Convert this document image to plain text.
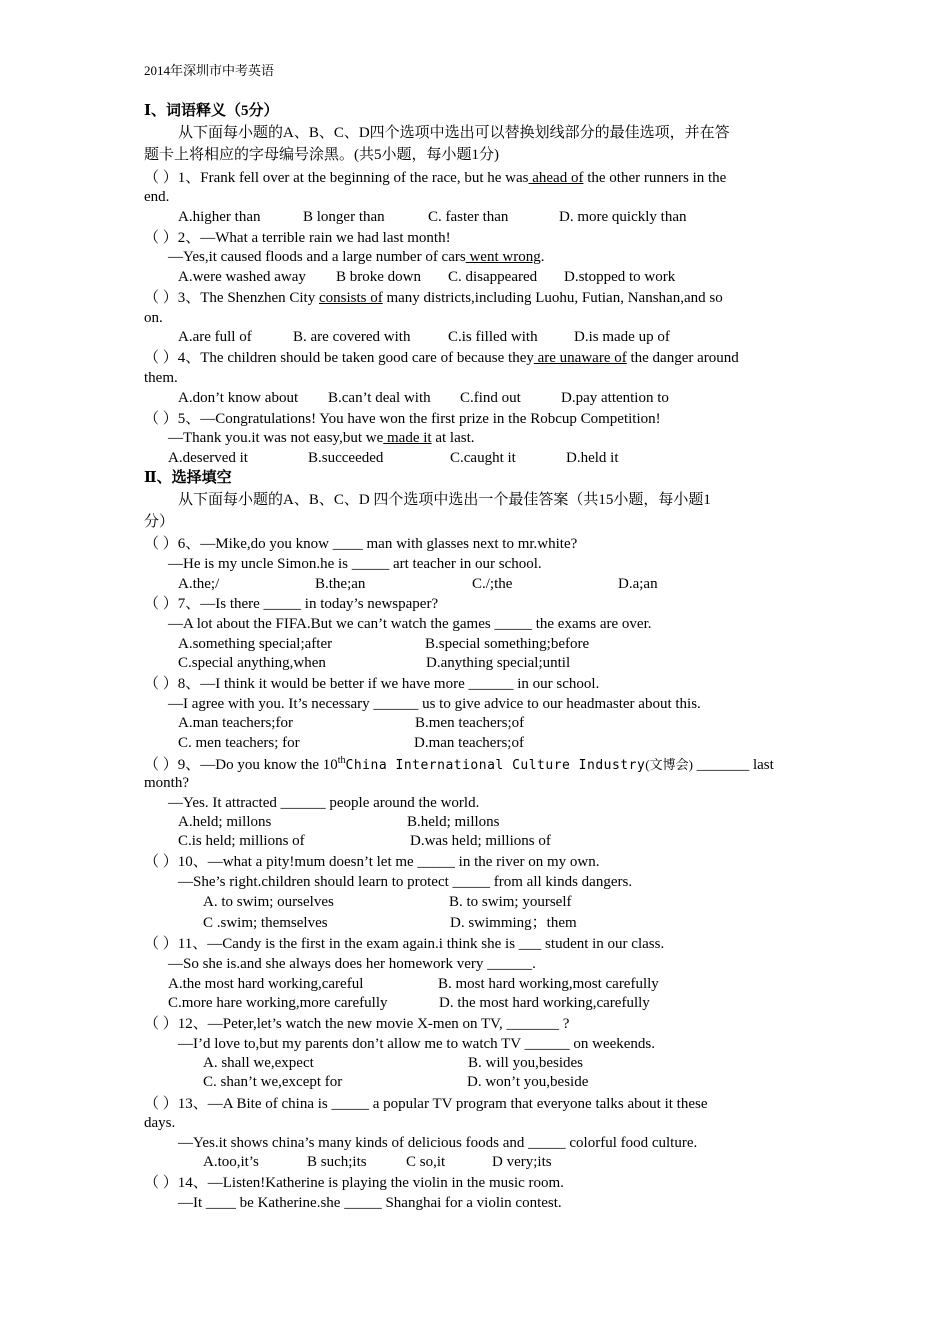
2014年深圳市中考英语
Ⅰ、词语释义（5分）
从下面每小题的A、B、C、D四个选项中选出可以替换划线部分的最佳选项，并在答
题卡上将相应的字母编号涂黑。(共5小题，每小题1分)
（ ）1、Frank fell over at the beginning of the race, but he was ahead of the other runners in the
end.
A.higher than	B longer than	C. faster than	D. more quickly than
（ ）2、—What a terrible rain we had last month!
—Yes,it caused floods and a large number of cars went wrong.
A.were washed away B broke down C. disappeared D.stopped to work
（ ）3、The Shenzhen City consists of many districts,including Luohu, Futian, Nanshan,and so
on.
A.are full of	B. are covered with	C.is filled with D.is made up of
（ ）4、The children should be taken good care of because they are unaware of the danger around
them.
A.don’t know about B.can’t deal with C.find out	D.pay attention to
（ ）5、—Congratulations! You have won the first prize in the Robcup Competition!
—Thank you.it was not easy,but we made it at last.
A.deserved it	B.succeeded	C.caught it	D.held it
Ⅱ、选择填空
从下面每小题的A、B、C、D 四个选项中选出一个最佳答案（共15小题，每小题1
分）
（ ）6、—Mike,do you know ____ man with glasses next to mr.white?
—He is my uncle Simon.he is _____ art teacher in our school.
A.the;/	B.the;an	C./;the	D.a;an
（ ）7、—Is there _____ in today’s newspaper?
—A lot about the FIFA.But we can’t watch the games _____ the exams are over.
A.something special;after	B.special something;before
C.special anything,when	D.anything special;until
（ ）8、—I think it would be better if we have more ______ in our school.
—I agree with you. It’s necessary ______ us to give advice to our headmaster about this.
A.man teachers;for	B.men teachers;of
C. men teachers; for	D.man teachers;of
（ ）9、—Do you know the 10thChina International Culture Industry(文博会) _______ last
month?
—Yes. It attracted ______ people around the world.
A.held; millons	B.held; millons
C.is held; millions of	D.was held; millions of
（ ）10、—what a pity!mum doesn’t let me _____ in the river on my own.
—She’s right.children should learn to protect _____ from all kinds dangers.
A. to swim; ourselves	B. to swim; yourself
C .swim; themselves	D. swimming；them
（ ）11、—Candy is the first in the exam again.i think she is ___ student in our class.
—So she is.and she always does her homework very ______.
A.the most hard working,careful	B. most hard working,most carefully
C.more hare working,more carefully	D. the most hard working,carefully
（ ）12、—Peter,let’s watch the new movie X-men on TV, _______ ?
—I’d love to,but my parents don’t allow me to watch TV ______ on weekends.
A. shall we,expect	B. will you,besides
C. shan’t we,except for	D. won’t you,beside
（ ）13、—A Bite of china is _____ a popular TV program that everyone talks about it these
days.
—Yes.it shows china’s many kinds of delicious foods and _____ colorful food culture.
A.too,it’s	B such;its	C so,it	D very;its
（ ）14、—Listen!Katherine is playing the violin in the music room.
—It ____ be Katherine.she _____ Shanghai for a violin contest.
